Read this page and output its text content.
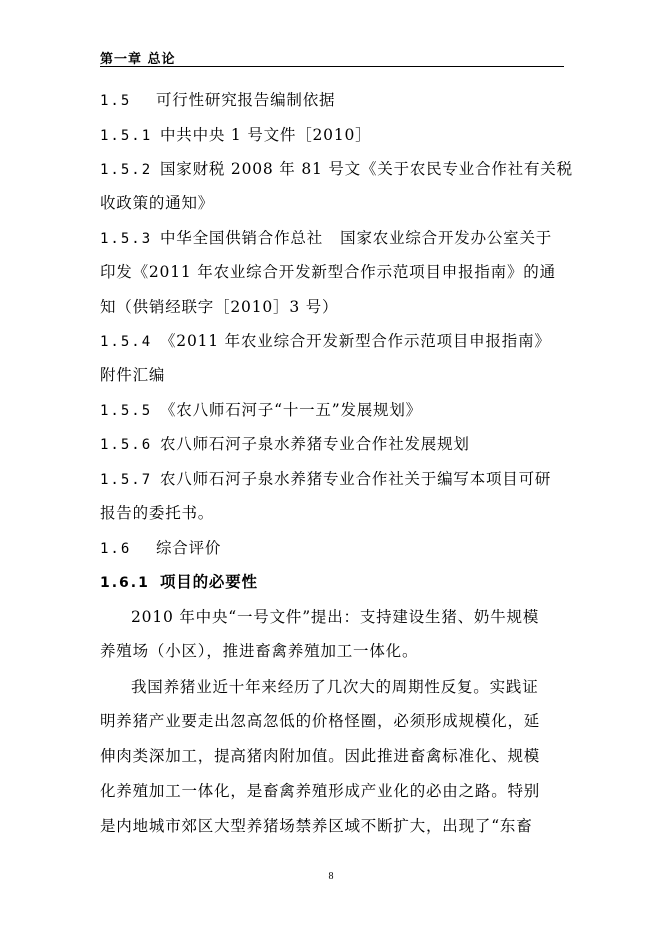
第一章 总论
1.5 可行性研究报告编制依据
1.5.1 中共中央 1 号文件［2010］
1.5.2 国家财税 2008 年 81 号文《关于农民专业合作社有关税
收政策的通知》
1.5.3 中华全国供销合作总社   国家农业综合开发办公室关于
印发《2011 年农业综合开发新型合作示范项目申报指南》的通
知（供销经联字［2010］3 号）
1.5.4 《2011 年农业综合开发新型合作示范项目申报指南》
附件汇编
1.5.5 《农八师石河子“十一五”发展规划》
1.5.6 农八师石河子泉水养猪专业合作社发展规划
1.5.7 农八师石河子泉水养猪专业合作社关于编写本项目可研
报告的委托书。
1.6 综合评价
1.6.1 项目的必要性
2010 年中央“一号文件”提出：支持建设生猪、奶牛规模
养殖场（小区），推进畜禽养殖加工一体化。
我国养猪业近十年来经历了几次大的周期性反复。实践证
明养猪产业要走出忽高忽低的价格怪圈，必须形成规模化，延
伸肉类深加工，提高猪肉附加值。因此推进畜禽标准化、规模
化养殖加工一体化，是畜禽养殖形成产业化的必由之路。特别
是内地城市郊区大型养猪场禁养区域不断扩大，出现了“东畜
8
